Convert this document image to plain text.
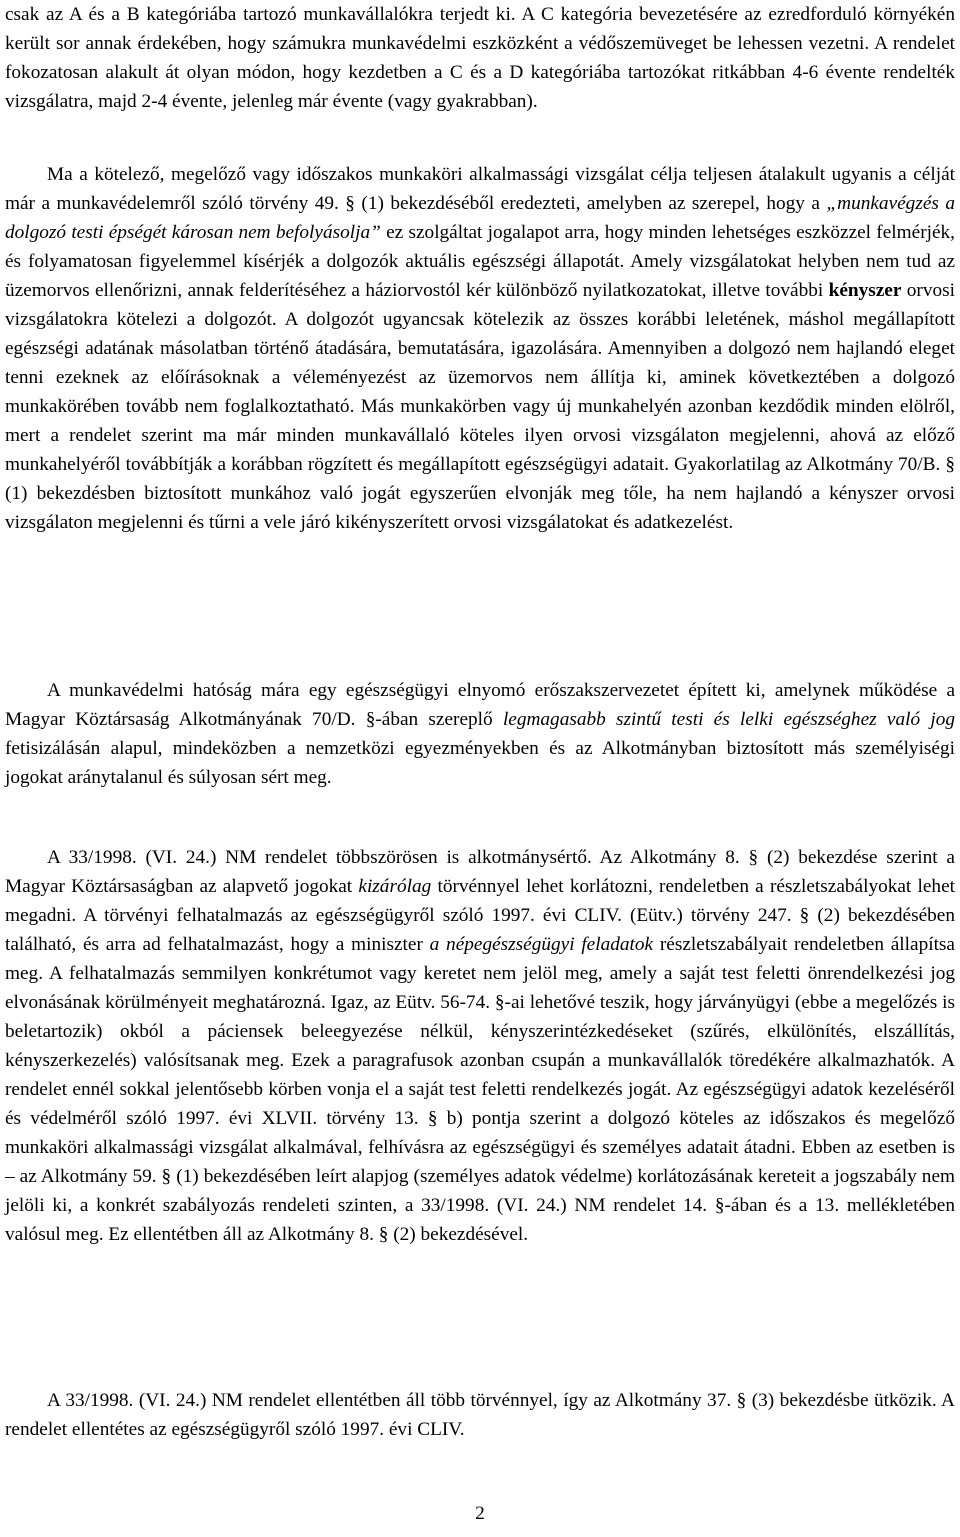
csak az A és a B kategóriába tartozó munkavállalókra terjedt ki. A C kategória bevezetésére az ezredforduló környékén került sor annak érdekében, hogy számukra munkavédelmi eszközként a védőszemüveget be lehessen vezetni. A rendelet fokozatosan alakult át olyan módon, hogy kezdetben a C és a D kategóriába tartozókat ritkábban 4-6 évente rendelték vizsgálatra, majd 2-4 évente, jelenleg már évente (vagy gyakrabban).

Ma a kötelező, megelőző vagy időszakos munkaköri alkalmassági vizsgálat célja teljesen átalakult ugyanis a célját már a munkavédelemről szóló törvény 49. § (1) bekezdéséből eredezteti, amelyben az szerepel, hogy a „munkavégzés a dolgozó testi épségét károsan nem befolyásolja” ez szolgáltat jogalapot arra, hogy minden lehetséges eszközzel felmérjék, és folyamatosan figyelemmel kísérjék a dolgozók aktuális egészségi állapotát. Amely vizsgálatokat helyben nem tud az üzemorvos ellenőrizni, annak felderítéséhez a háziorvostól kér különböző nyilatkozatokat, illetve további kényszer orvosi vizsgálatokra kötelezi a dolgozót. A dolgozót ugyancsak kötelezik az összes korábbi leletének, máshol megállapított egészségi adatának másolatban történő átadására, bemutatására, igazolására. Amennyiben a dolgozó nem hajlandó eleget tenni ezeknek az előírásoknak a véleményezést az üzemorvos nem állítja ki, aminek következtében a dolgozó munkakörében tovább nem foglalkoztatható. Más munkakörben vagy új munkahelyén azonban kezdődik minden elölről, mert a rendelet szerint ma már minden munkavállaló köteles ilyen orvosi vizsgálaton megjelenni, ahová az előző munkahelyéről továbbítják a korábban rögzített és megállapított egészségügyi adatait. Gyakorlatilag az Alkotmány 70/B. § (1) bekezdésben biztosított munkához való jogát egyszerűen elvonják meg tőle, ha nem hajlandó a kényszer orvosi vizsgálaton megjelenni és tűrni a vele járó kikényszerített orvosi vizsgálatokat és adatkezelést.

A munkavédelmi hatóság mára egy egészségügyi elnyomó erőszakszervezetet épített ki, amelynek működése a Magyar Köztársaság Alkotmányának 70/D. §-ában szereplő legmagasabb szintű testi és lelki egészséghez való jog fetisizálásán alapul, mindeközben a nemzetközi egyezményekben és az Alkotmányban biztosított más személyiségi jogokat aránytalanul és súlyosan sért meg.

A 33/1998. (VI. 24.) NM rendelet többszörösen is alkotmánysértő. Az Alkotmány 8. § (2) bekezdése szerint a Magyar Köztársaságban az alapvető jogokat kizárólag törvénnyel lehet korlátozni, rendeletben a részletszabályokat lehet megadni. A törvényi felhatalmazás az egészségügyről szóló 1997. évi CLIV. (Eütv.) törvény 247. § (2) bekezdésében található, és arra ad felhatalmazást, hogy a miniszter a népegészségügyi feladatok részletszabályait rendeletben állapítsa meg. A felhatalmazás semmilyen konkrétumot vagy keretet nem jelöl meg, amely a saját test feletti önrendelkezési jog elvonásának körülményeit meghatározná. Igaz, az Eütv. 56-74. §-ai lehetővé teszik, hogy járványügyi (ebbe a megelőzés is beletartozik) okból a páciensek beleegyezése nélkül, kényszerintézkedéseket (szűrés, elkülönítés, elszállítás, kényszerkezelés) valósítsanak meg. Ezek a paragrafusok azonban csupán a munkavállalók töredékére alkalmazhatók. A rendelet ennél sokkal jelentősebb körben vonja el a saját test feletti rendelkezés jogát. Az egészségügyi adatok kezeléséről és védelméről szóló 1997. évi XLVII. törvény 13. § b) pontja szerint a dolgozó köteles az időszakos és megelőző munkaköri alkalmassági vizsgálat alkalmával, felhívásra az egészségügyi és személyes adatait átadni. Ebben az esetben is – az Alkotmány 59. § (1) bekezdésében leírt alapjog (személyes adatok védelme) korlátozásának kereteit a jogszabály nem jelöli ki, a konkrét szabályozás rendeleti szinten, a 33/1998. (VI. 24.) NM rendelet 14. §-ában és a 13. mellékletében valósul meg. Ez ellentétben áll az Alkotmány 8. § (2) bekezdésével.

A 33/1998. (VI. 24.) NM rendelet ellentétben áll több törvénnyel, így az Alkotmány 37. § (3) bekezdésbe ütközik. A rendelet ellentétes az egészségügyről szóló 1997. évi CLIV.

2
